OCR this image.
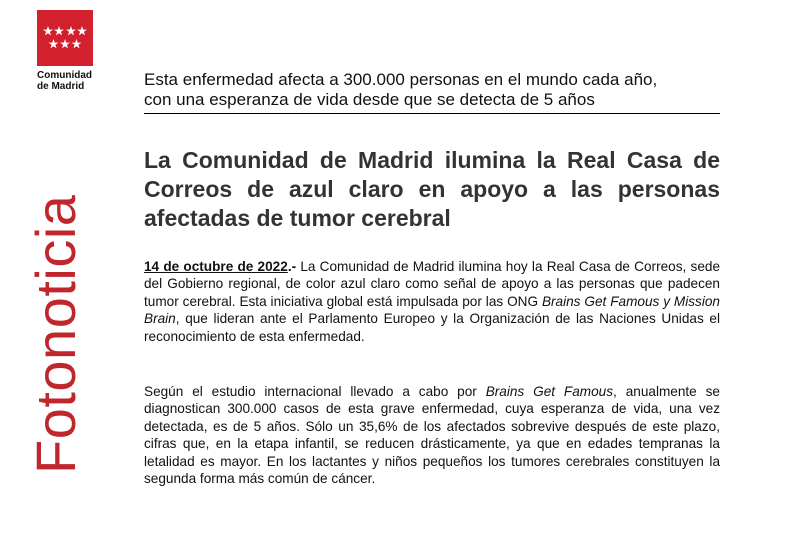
Comunidad
de Madrid
Fotonoticia
Esta enfermedad afecta a 300.000 personas en el mundo cada año,
con una esperanza de vida desde que se detecta de 5 años
La Comunidad de Madrid ilumina la Real Casa de Correos de azul claro en apoyo a las personas afectadas de tumor cerebral
14 de octubre de 2022.- La Comunidad de Madrid ilumina hoy la Real Casa de Correos, sede del Gobierno regional, de color azul claro como señal de apoyo a las personas que padecen tumor cerebral. Esta iniciativa global está impulsada por las ONG Brains Get Famous y Mission Brain, que lideran ante el Parlamento Europeo y la Organización de las Naciones Unidas el reconocimiento de esta enfermedad.
Según el estudio internacional llevado a cabo por Brains Get Famous, anualmente se diagnostican 300.000 casos de esta grave enfermedad, cuya esperanza de vida, una vez detectada, es de 5 años. Sólo un 35,6% de los afectados sobrevive después de este plazo, cifras que, en la etapa infantil, se reducen drásticamente, ya que en edades tempranas la letalidad es mayor. En los lactantes y niños pequeños los tumores cerebrales constituyen la segunda forma más común de cáncer.
